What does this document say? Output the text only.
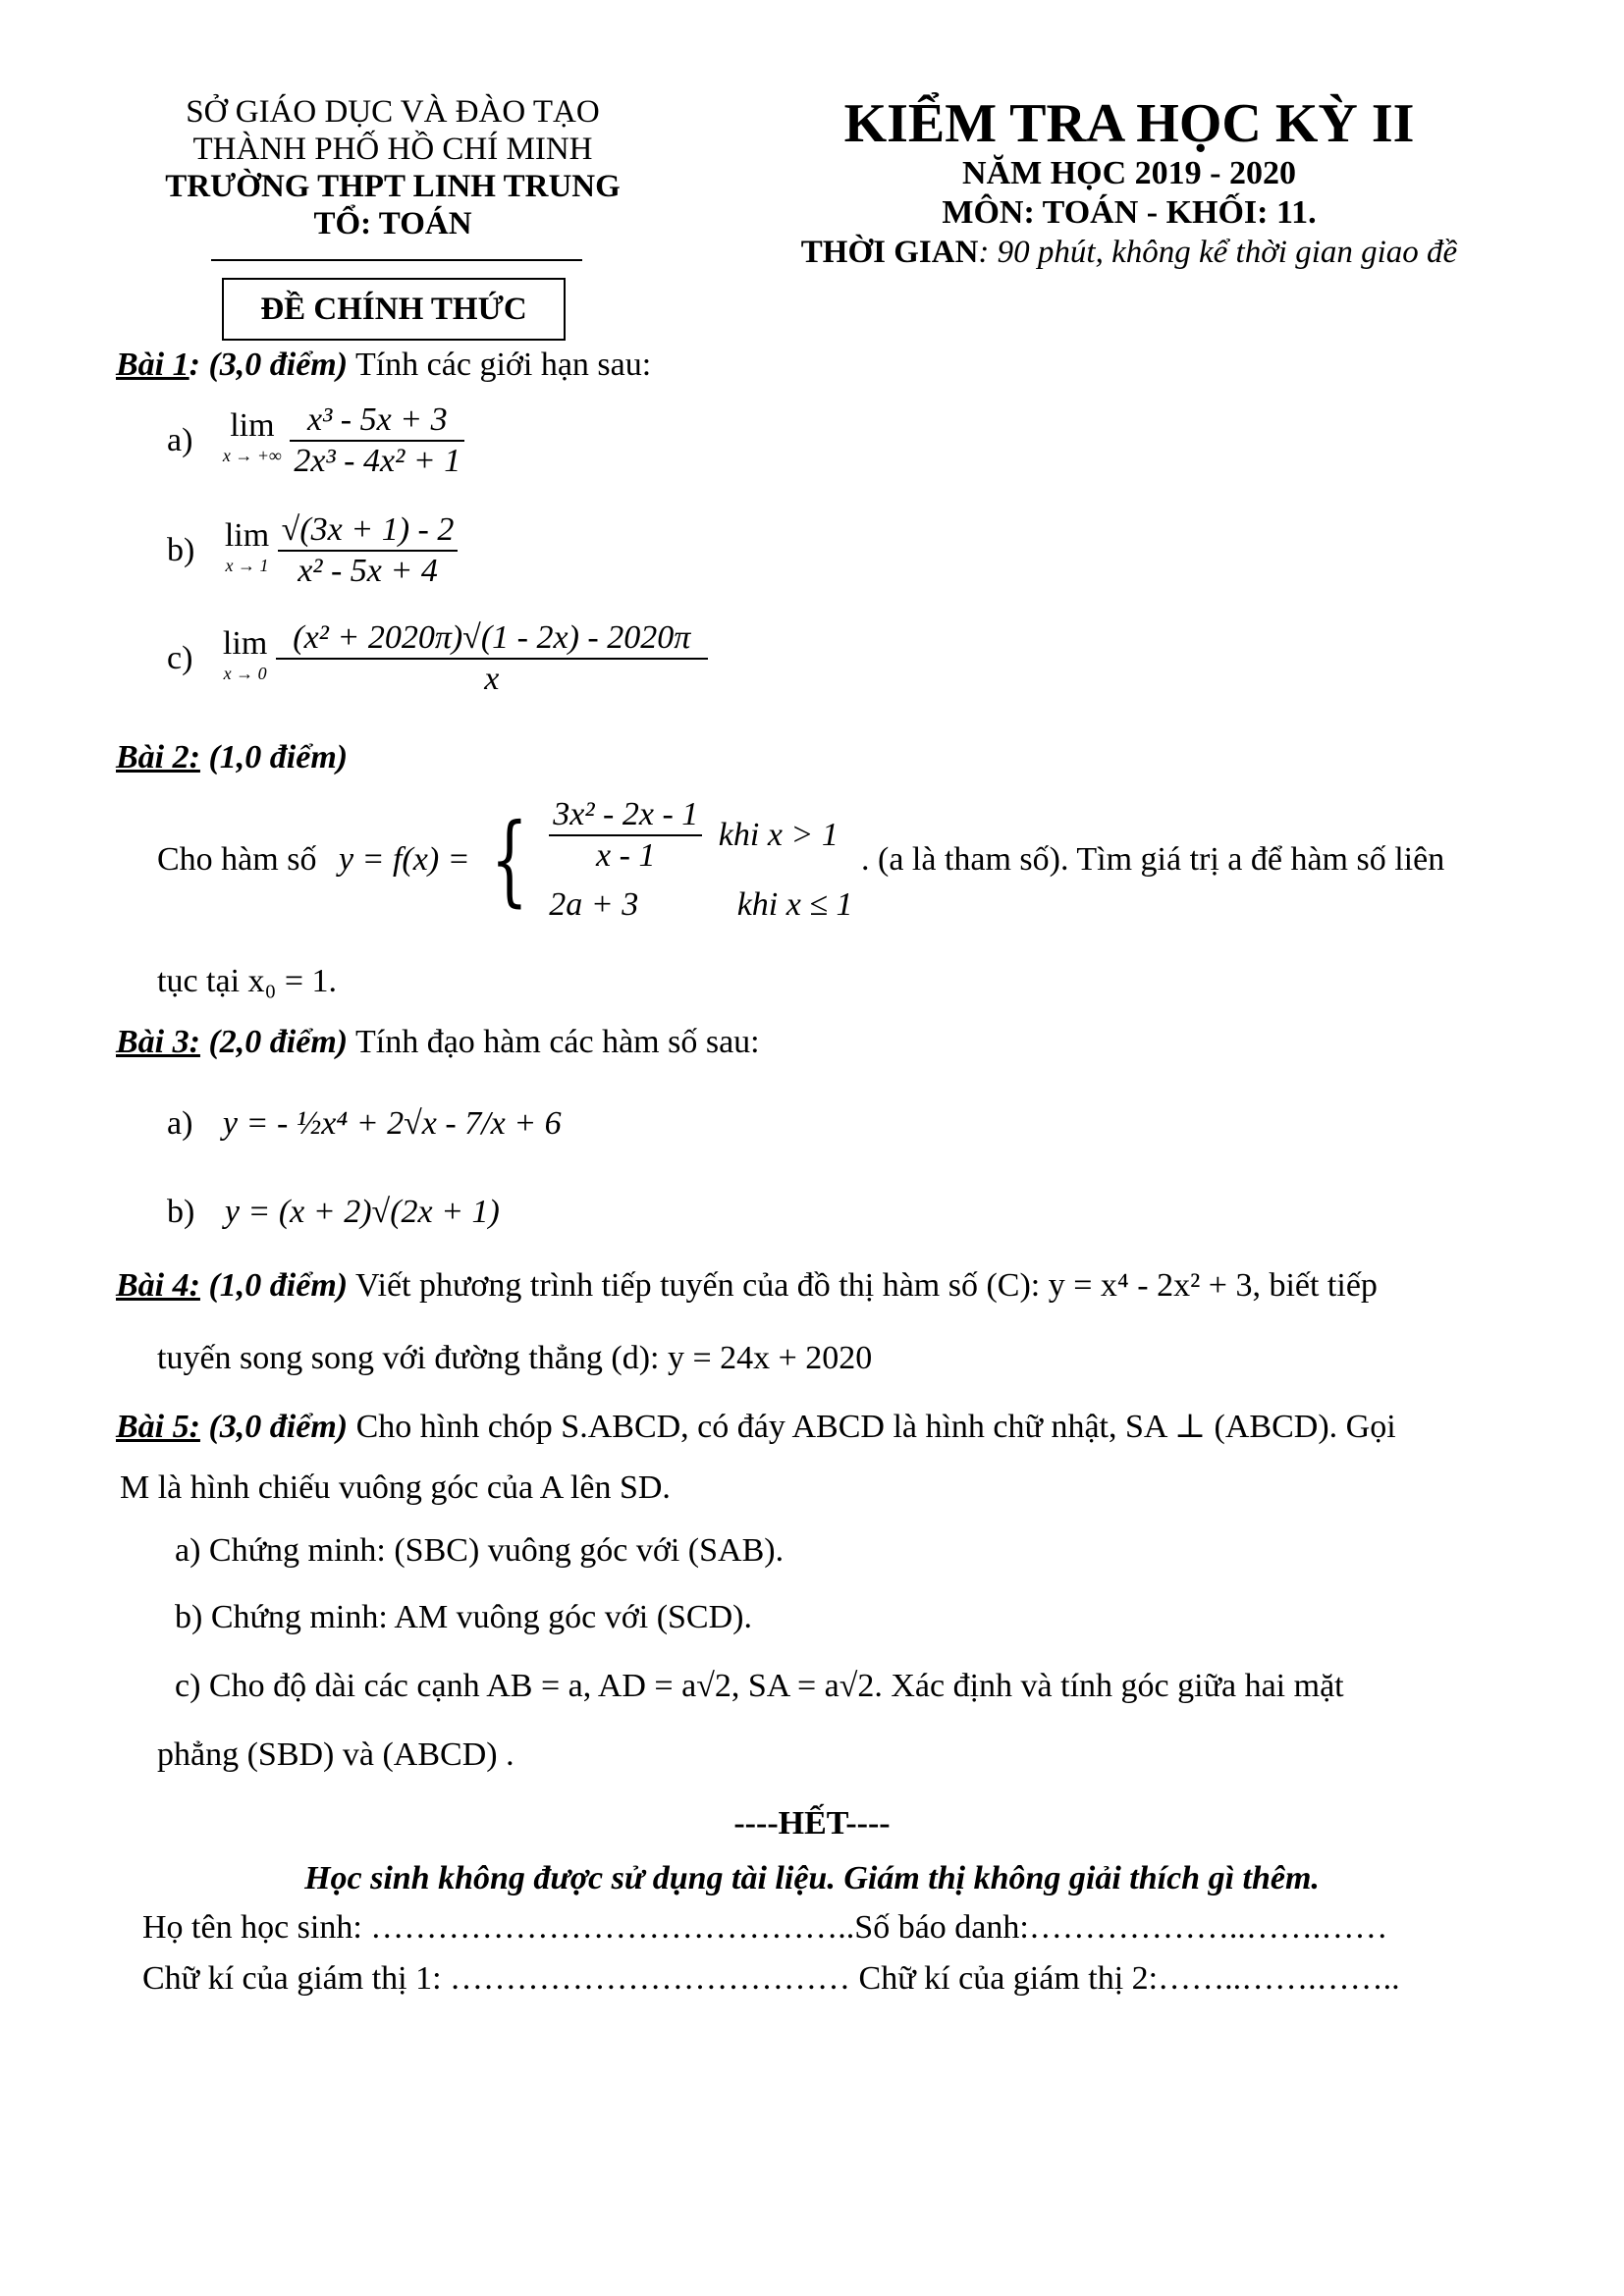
SỞ GIÁO DỤC VÀ ĐÀO TẠO
THÀNH PHỐ HỒ CHÍ MINH
TRƯỜNG THPT LINH TRUNG
TỔ: TOÁN
ĐỀ CHÍNH THỨC
KIỂM TRA HỌC KỲ II
NĂM HỌC 2019 - 2020
MÔN: TOÁN - KHỐI: 11.
THỜI GIAN: 90 phút, không kể thời gian giao đề
Bài 1: (3,0 điểm) Tính các giới hạn sau:
a) lim
x → +∞
$\frac{\text{x³ - 5x + 3}}{\text{2x³ - 4x² + 1}}$
b) lim
x → 1
$\frac{√(3x + 1) - 2}{\text{x² - 5x + 4}}$
c) lim
x → 0
$\frac{\text{(x² + 2020π)√(1 - 2x) - 2020π}}{x}$
Bài 2: (1,0 điểm)
Cho hàm số y = f(x) = { $\frac{\text{3x² - 2x - 1}}{x - 1}$ khi x > 1
2a + 3	khi x ≤ 1
. (a là tham số). Tìm giá trị a để hàm số liên
tục tại x₀ = 1.
Bài 3: (2,0 điểm) Tính đạo hàm các hàm số sau:
a) y = - ½x⁴ + 2√x - 7/x + 6
b) y = (x + 2)√(2x + 1)
Bài 4: (1,0 điểm) Viết phương trình tiếp tuyến của đồ thị hàm số (C): y = x⁴ - 2x² + 3, biết tiếp
tuyến song song với đường thẳng (d): y = 24x + 2020
Bài 5: (3,0 điểm) Cho hình chóp S.ABCD, có đáy ABCD là hình chữ nhật, SA ⊥ (ABCD). Gọi
M là hình chiếu vuông góc của A lên SD.
a) Chứng minh: (SBC) vuông góc với (SAB).
b) Chứng minh: AM vuông góc với (SCD).
c) Cho độ dài các cạnh AB = a, AD = a√2, SA = a√2. Xác định và tính góc giữa hai mặt
phẳng (SBD) và (ABCD) .
----HẾT----
Học sinh không được sử dụng tài liệu. Giám thị không giải thích gì thêm.
Họ tên học sinh: ……………………………………..Số báo danh:………………..…….……
Chữ kí của giám thị 1: ……………………………… Chữ kí của giám thị 2:……..…….……..
